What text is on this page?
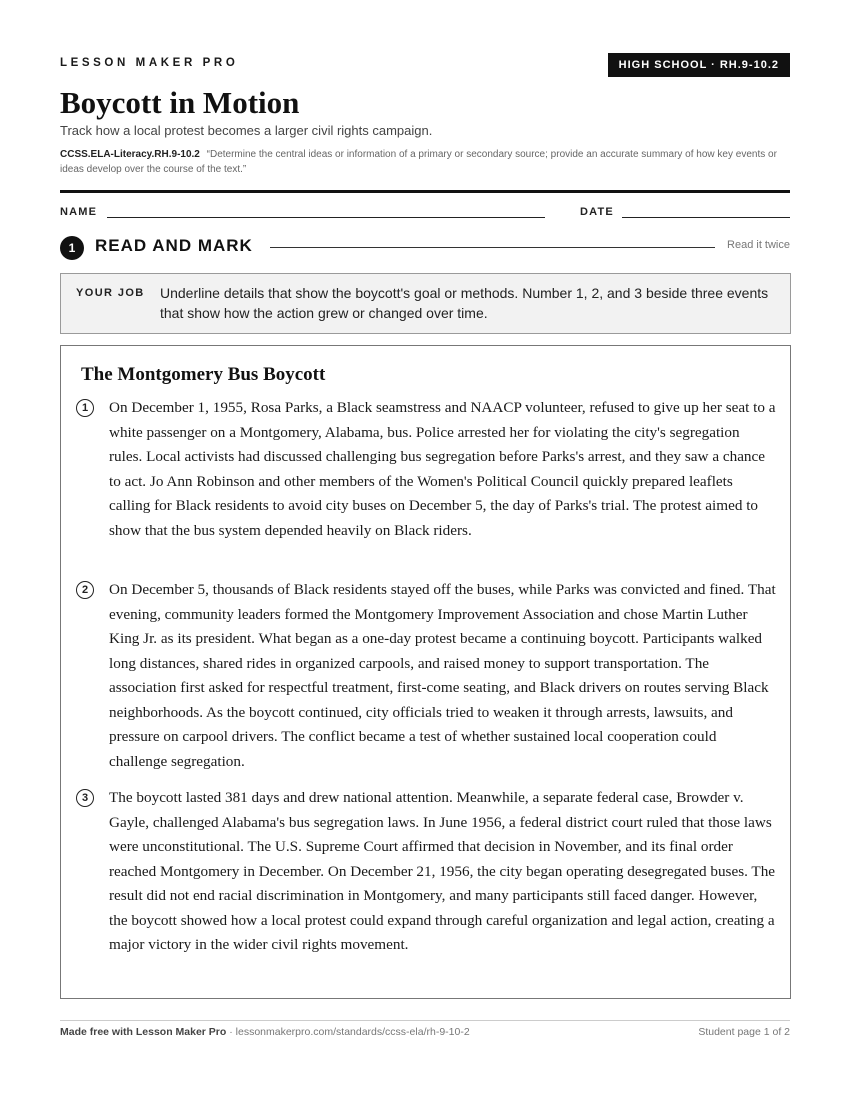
LESSON MAKER PRO	HIGH SCHOOL · RH.9-10.2
Boycott in Motion
Track how a local protest becomes a larger civil rights campaign.
CCSS.ELA-Literacy.RH.9-10.2 “Determine the central ideas or information of a primary or secondary source; provide an accurate summary of how key events or ideas develop over the course of the text.”
NAME	DATE
1	READ AND MARK	Read it twice
YOUR JOB Underline details that show the boycott's goal or methods. Number 1, 2, and 3 beside three events that show how the action grew or changed over time.
The Montgomery Bus Boycott
1	On December 1, 1955, Rosa Parks, a Black seamstress and NAACP volunteer, refused to give up her seat to a white passenger on a Montgomery, Alabama, bus. Police arrested her for violating the city's segregation rules. Local activists had discussed challenging bus segregation before Parks's arrest, and they saw a chance to act. Jo Ann Robinson and other members of the Women's Political Council quickly prepared leaflets calling for Black residents to avoid city buses on December 5, the day of Parks's trial. The protest aimed to show that the bus system depended heavily on Black riders.

2	On December 5, thousands of Black residents stayed off the buses, while Parks was convicted and fined. That evening, community leaders formed the Montgomery Improvement Association and chose Martin Luther King Jr. as its president. What began as a one-day protest became a continuing boycott. Participants walked long distances, shared rides in organized carpools, and raised money to support transportation. The association first asked for respectful treatment, first-come seating, and Black drivers on routes serving Black neighborhoods. As the boycott continued, city officials tried to weaken it through arrests, lawsuits, and pressure on carpool drivers. The conflict became a test of whether sustained local cooperation could challenge segregation.

3	The boycott lasted 381 days and drew national attention. Meanwhile, a separate federal case, Browder v. Gayle, challenged Alabama's bus segregation laws. In June 1956, a federal district court ruled that those laws were unconstitutional. The U.S. Supreme Court affirmed that decision in November, and its final order reached Montgomery in December. On December 21, 1956, the city began operating desegregated buses. The result did not end racial discrimination in Montgomery, and many participants still faced danger. However, the boycott showed how a local protest could expand through careful organization and legal action, creating a major victory in the wider civil rights movement.

Made free with Lesson Maker Pro · lessonmakerpro.com/standards/ccss-ela/rh-9-10-2	Student page 1 of 2
